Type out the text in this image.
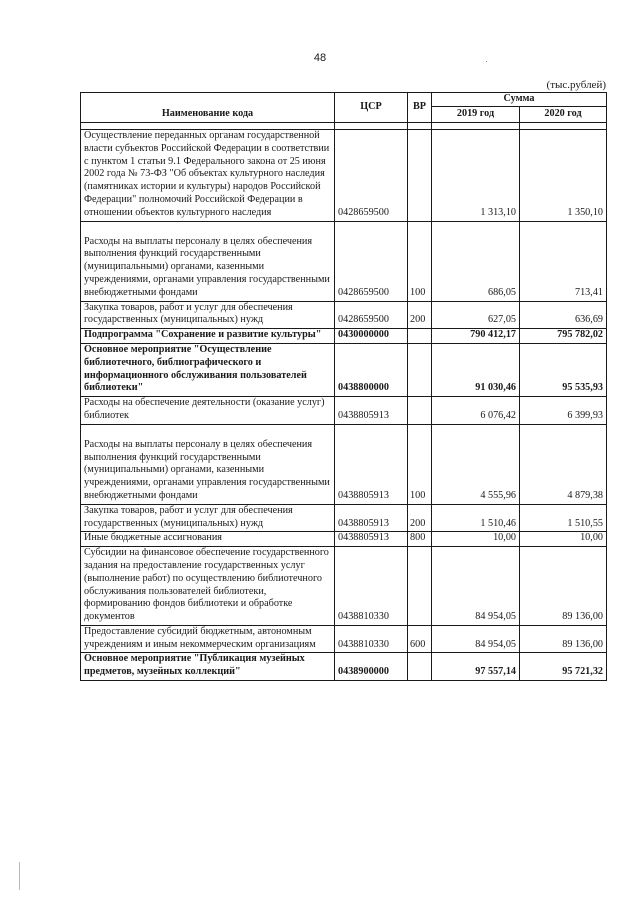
48
(тыс.рублей)
Наименование кода	ЦСР	ВР	Сумма	
			2019 год	2020 год

Осуществление переданных органам государственной власти субъектов Российской Федерации в соответствии с пунктом 1 статьи 9.1 Федерального закона от 25 июня 2002 года № 73-ФЗ "Об объектах культурного наследия (памятниках истории и культуры) народов Российской Федерации" полномочий Российской Федерации в отношении объектов культурного наследия	0428659500		1 313,10	1 350,10
Расходы на выплаты персоналу в целях обеспечения выполнения функций государственными (муниципальными) органами, казенными учреждениями, органами управления государственными внебюджетными фондами	0428659500	100	686,05	713,41
Закупка товаров, работ и услуг для обеспечения государственных (муниципальных) нужд	0428659500	200	627,05	636,69
Подпрограмма "Сохранение и развитие культуры"	0430000000		790 412,17	795 782,02
Основное мероприятие "Осуществление библиотечного, библиографического и информационного обслуживания пользователей библиотеки"	0438800000		91 030,46	95 535,93
Расходы на обеспечение деятельности (оказание услуг) библиотек	0438805913		6 076,42	6 399,93
Расходы на выплаты персоналу в целях обеспечения выполнения функций государственными (муниципальными) органами, казенными учреждениями, органами управления государственными внебюджетными фондами	0438805913	100	4 555,96	4 879,38
Закупка товаров, работ и услуг для обеспечения государственных (муниципальных) нужд	0438805913	200	1 510,46	1 510,55
Иные бюджетные ассигнования	0438805913	800	10,00	10,00
Субсидии на финансовое обеспечение государственного задания на предоставление государственных услуг (выполнение работ) по осуществлению библиотечного обслуживания пользователей библиотеки, формированию фондов библиотеки и обработке документов	0438810330		84 954,05	89 136,00
Предоставление субсидий бюджетным, автономным учреждениям и иным некоммерческим организациям	0438810330	600	84 954,05	89 136,00
Основное мероприятие "Публикация музейных предметов, музейных коллекций"	0438900000		97 557,14	95 721,32
